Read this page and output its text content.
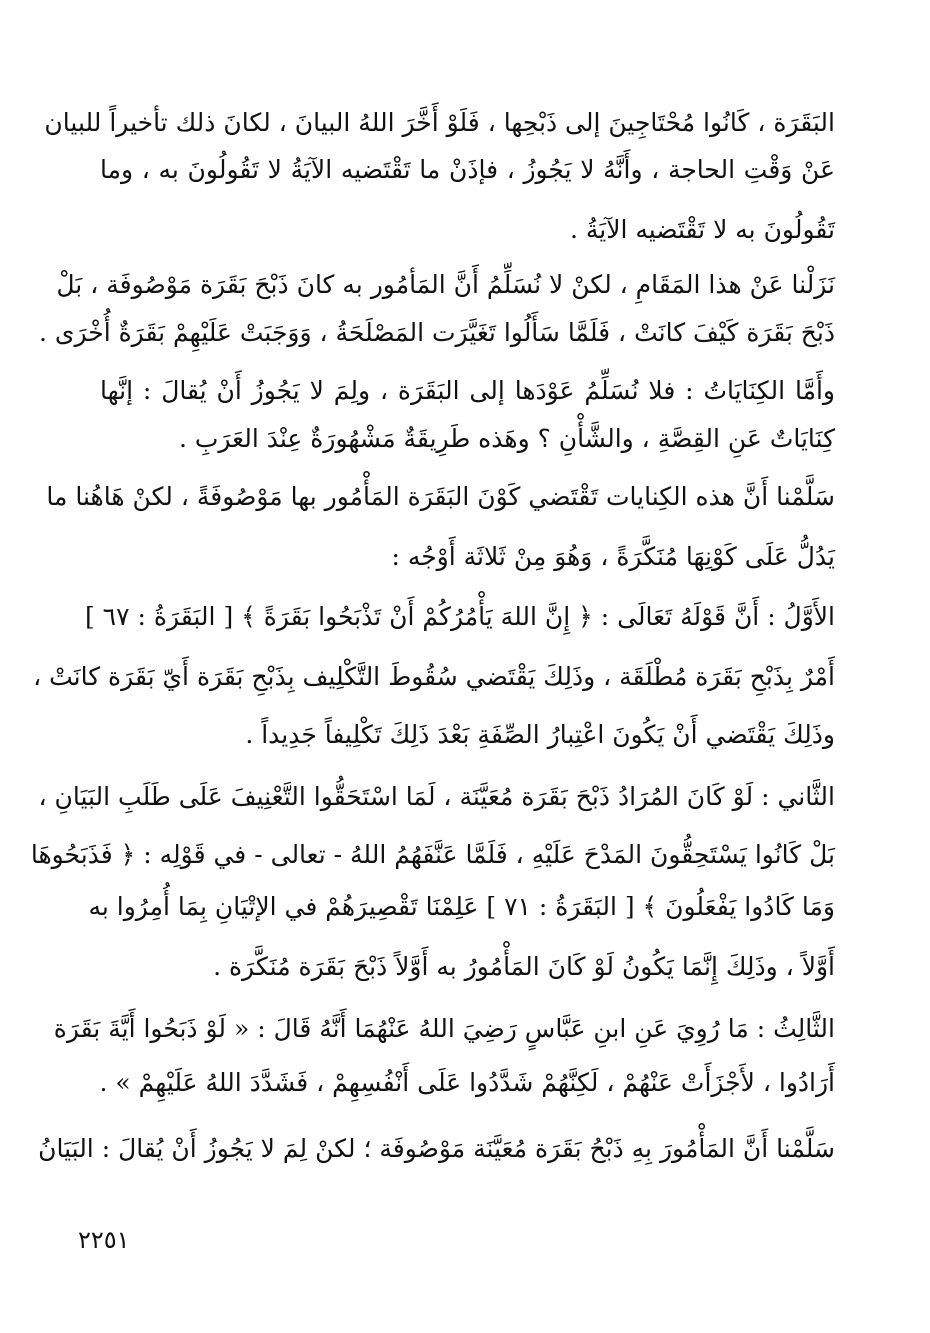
البَقَرَة ، كَانُوا مُحْتَاجِينَ إلى ذَبْحِها ، فَلَوْ أَخَّرَ اللهُ البيانَ ، لكانَ ذلك تأخيراً للبيان
عَنْ وَقْتِ الحاجة ، وأَنَّهُ لا يَجُوزُ ، فإذَنْ ما تَقْتَضيه الآيَةُ لا تَقُولُونَ به ، وما
تَقُولُونَ به لا تَقْتَضيه الآيَةُ .
نَزَلْنا عَنْ هذا المَقَامِ ، لكنْ لا نُسَلِّمُ أَنَّ المَأمُور به كانَ ذَبْحَ بَقَرَة مَوْصُوفَة ، بَلْ
ذَبْحَ بَقَرَة كَيْفَ كانَتْ ، فَلَمَّا سَأَلُوا تَغَيَّرَت المَصْلَحَةُ ، وَوَجَبَتْ عَلَيْهِمْ بَقَرَةٌ أُخْرَى .
وأَمَّا الكِنَايَاتُ : فلا نُسَلِّمُ عَوْدَها إلى البَقَرَة ، ولِمَ لا يَجُوزُ أَنْ يُقالَ : إنَّها
كِنَايَاتٌ عَنِ القِصَّةِ ، والشَّأْنِ ؟ وهَذه طَرِيقَةٌ مَشْهُورَةٌ عِنْدَ العَرَبِ .
سَلَّمْنا أَنَّ هذه الكِنايات تَقْتَضي كَوْنَ البَقَرَة المَأْمُور بها مَوْصُوفَةً ، لكنْ هَاهُنا ما
يَدُلُّ عَلَى كَوْنِهَا مُنَكَّرَةً ، وَهُوَ مِنْ ثَلاثَة أَوْجُه :
الأَوَّلُ : أَنَّ قَوْلَهُ تَعَالَى : ﴿ إِنَّ اللهَ يَأْمُرُكُمْ أَنْ تَذْبَحُوا بَقَرَةً ﴾ [ البَقَرَةُ : ٦٧ ]
أَمْرٌ بِذَبْحِ بَقَرَة مُطْلَقَة ، وذَلِكَ يَقْتَضي سُقُوطَ التَّكْلِيف بِذَبْحِ بَقَرَة أَيّ بَقَرَة كانَتْ ،
وذَلِكَ يَقْتَضي أَنْ يَكُونَ اعْتِبارُ الصِّفَةِ بَعْدَ ذَلِكَ تَكْلِيفاً جَدِيداً .
الثَّاني : لَوْ كَانَ المُرَادُ ذَبْحَ بَقَرَة مُعَيَّنَة ، لَمَا اسْتَحَقُّوا التَّعْنِيفَ عَلَى طَلَبِ البَيَانِ ،
بَلْ كَانُوا يَسْتَحِقُّونَ المَدْحَ عَلَيْهِ ، فَلَمَّا عَنَّفَهُمُ اللهُ - تعالى - في قَوْلِه : ﴿ فَذَبَحُوهَا
وَمَا كَادُوا يَفْعَلُونَ ﴾ [ البَقَرَةُ : ٧١ ] عَلِمْنَا تَقْصِيرَهُمْ في الإتْيَانِ بِمَا أُمِرُوا به
أَوَّلاً ، وذَلِكَ إِنَّمَا يَكُونُ لَوْ كَانَ المَأْمُورُ به أَوَّلاً ذَبْحَ بَقَرَة مُنَكَّرَة .
الثَّالِثُ : مَا رُوِيَ عَنِ ابنِ عَبَّاسٍ رَضِيَ اللهُ عَنْهُمَا أَنَّهُ قَالَ : « لَوْ ذَبَحُوا أَيَّةَ بَقَرَة
أَرَادُوا ، لأَجْزَأَتْ عَنْهُمْ ، لَكِنَّهُمْ شَدَّدُوا عَلَى أَنْفُسِهِمْ ، فَشَدَّدَ اللهُ عَلَيْهِمْ » .
سَلَّمْنا أَنَّ المَأْمُورَ بِهِ ذَبْحُ بَقَرَة مُعَيَّنَة مَوْصُوفَة ؛ لكنْ لِمَ لا يَجُوزُ أَنْ يُقالَ : البَيَانُ
٢٢٥١
